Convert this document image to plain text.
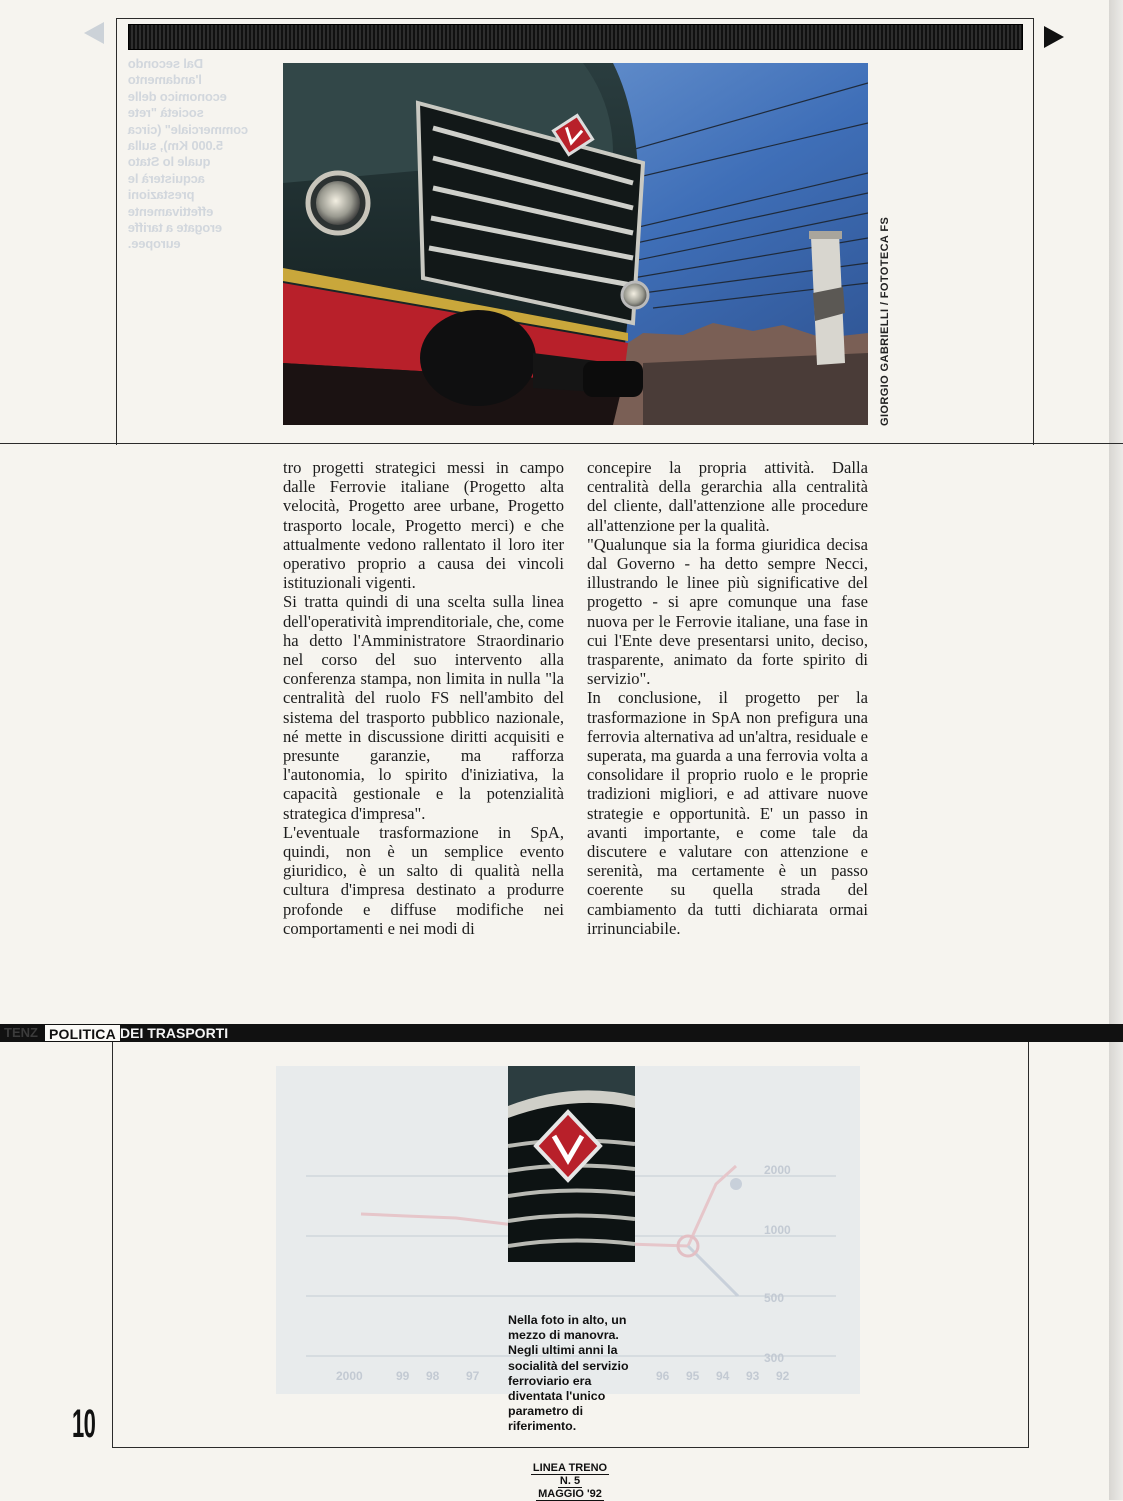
Dal secondo
l'andamento
economico delle
società "rete
commerciale" (circa
5.000 Km), sulla
quale lo Stato
acquisterà le
prestazioni
effettivamente
erogate a tariffe
europee.	GIORGIO GABRIELLI / FOTOTECA FS

tro progetti strategici messi in campo dalle Ferrovie italiane (Progetto alta velocità, Progetto aree urbane, Progetto trasporto locale, Progetto merci) e che attualmente vedono rallentato il loro iter operativo proprio a causa dei vincoli istituzionali vigenti.

Si tratta quindi di una scelta sulla linea dell'operatività imprenditoriale, che, come ha detto l'Amministratore Straordinario nel corso del suo intervento alla conferenza stampa, non limita in nulla "la centralità del ruolo FS nell'ambito del sistema del trasporto pubblico nazionale, né mette in discussione diritti acquisiti e presunte garanzie, ma rafforza l'autonomia, lo spirito d'iniziativa, la capacità gestionale e la potenzialità strategica d'impresa".

L'eventuale trasformazione in SpA, quindi, non è un semplice evento giuridico, è un salto di qualità nella cultura d'impresa destinato a produrre profonde e diffuse modifiche nei comportamenti e nei modi di

concepire la propria attività. Dalla centralità della gerarchia alla centralità del cliente, dall'attenzione alle procedure all'attenzione per la qualità.

"Qualunque sia la forma giuridica decisa dal Governo - ha detto sempre Necci, illustrando le linee più significative del progetto - si apre comunque una fase nuova per le Ferrovie italiane, una fase in cui l'Ente deve presentarsi unito, deciso, trasparente, animato da forte spirito di servizio".

In conclusione, il progetto per la trasformazione in SpA non prefigura una ferrovia alternativa ad un'altra, residuale e superata, ma guarda a una ferrovia volta a consolidare il proprio ruolo e le proprie tradizioni migliori, e ad attivare nuove strategie e opportunità. E' un passo in avanti importante, e come tale da discutere e valutare con attenzione e serenità, ma certamente è un passo coerente su quella strada del cambiamento da tutti dichiarata ormai irrinunciabile.

TENZ POLITICA DEI TRASPORTI
2000	99 98 97	96 95 94 93 92
2000
1000
500
300
Nella foto in alto, un mezzo di manovra. Negli ultimi anni la socialità del servizio ferroviario era diventata l'unico parametro di riferimento.
10
LINEA TRENO
N. 5
MAGGIO '92
